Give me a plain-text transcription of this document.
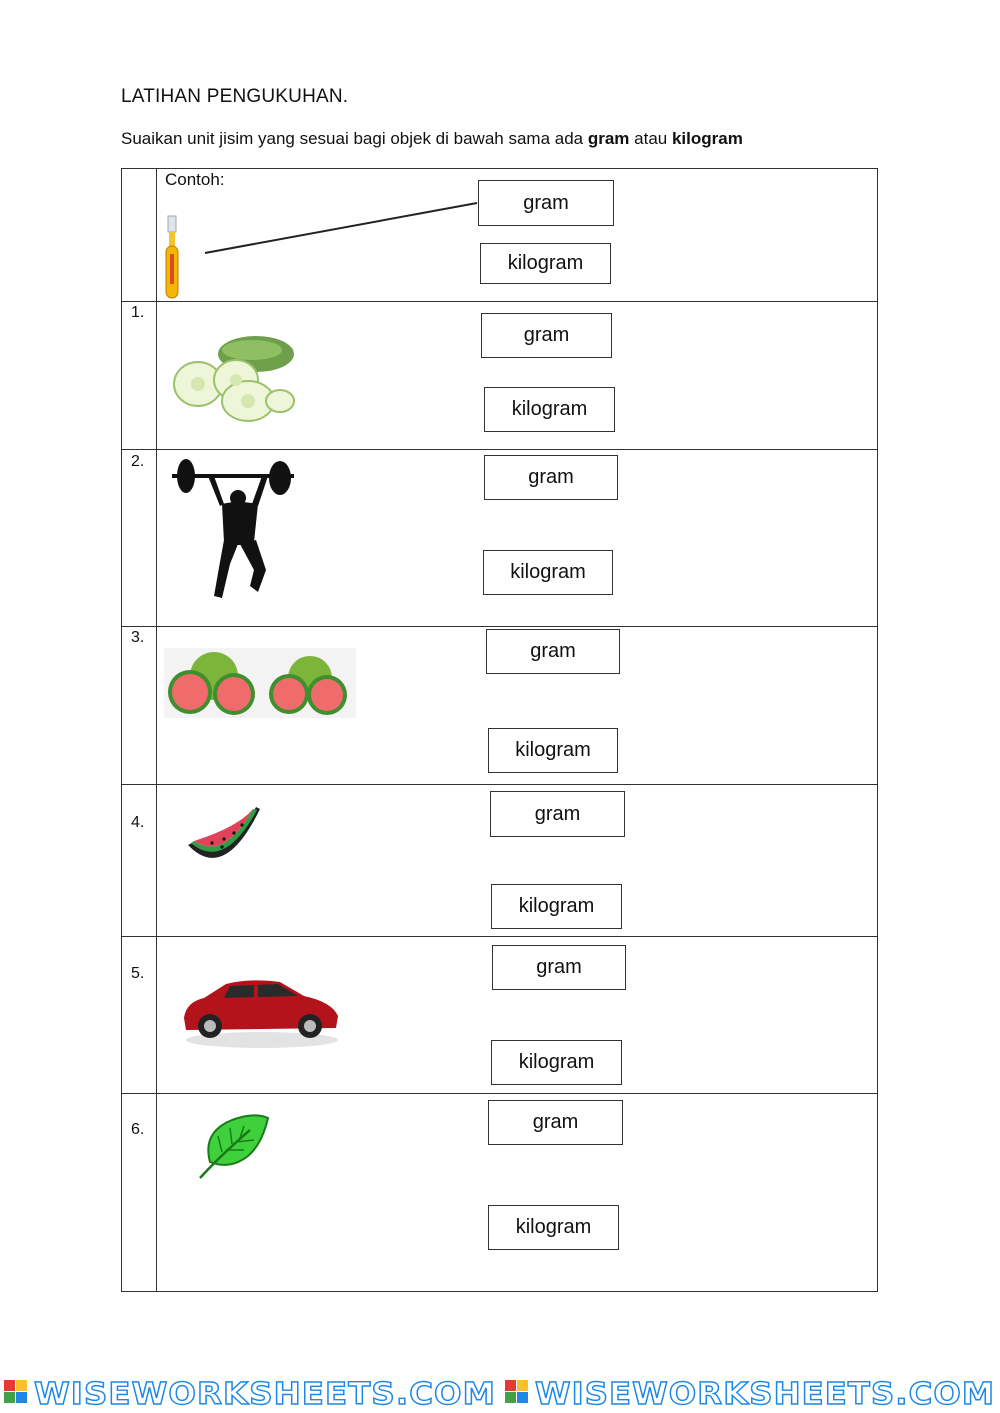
LATIHAN PENGUKUHAN.
Suaikan unit jisim yang sesuai bagi objek di bawah sama ada gram atau kilogram
Contoh:
gram
kilogram
1.
gram
kilogram
2.
gram
kilogram
3.
gram
kilogram
4.	gram
kilogram
5.	gram
kilogram
6.	gram
kilogram
WISEWORKSHEETS.COM WISEWORKSHEETS.COM
